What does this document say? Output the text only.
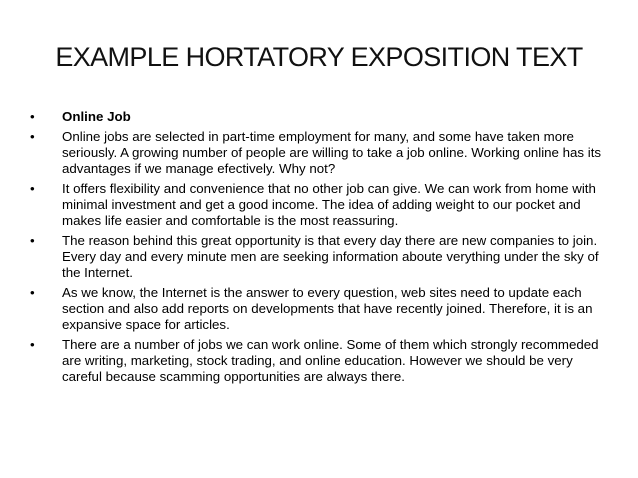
EXAMPLE HORTATORY EXPOSITION TEXT
•	Online Job
•	Online jobs are selected in part-time employment for many, and some have taken more seriously. A growing number of people are willing to take a job online. Working online has its advantages if we manage efectively. Why not?
•	It offers flexibility and convenience that no other job can give. We can work from home with minimal investment and get a good income. The idea of adding weight to our pocket and makes life easier and comfortable is the most reassuring.
•	The reason behind this great opportunity is that every day there are new companies to join. Every day and every minute men are seeking information aboute verything under the sky of the Internet.
•	As we know, the Internet is the answer to every question, web sites need to update each section and also add reports on developments that have recently joined. Therefore, it is an expansive space for articles.
•	There are a number of jobs we can work online. Some of them which strongly recommeded are writing, marketing, stock trading, and online education. However we should be very careful because scamming opportunities are always there.
